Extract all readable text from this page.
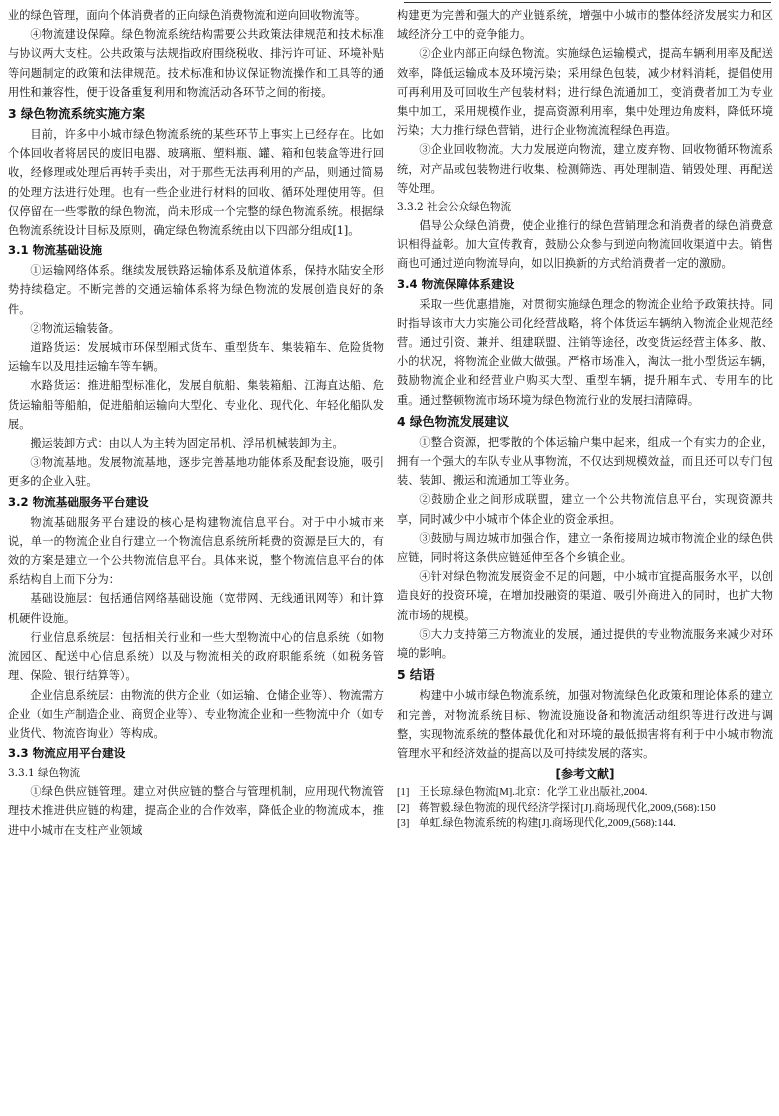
业的绿色管理，面向个体消费者的正向绿色消费物流和逆向回收物流等。

④物流建设保障。绿色物流系统结构需要公共政策法律规范和技术标准与协议两大支柱。公共政策与法规指政府围绕税收、排污许可证、环境补贴等问题制定的政策和法律规范。技术标准和协议保证物流操作和工具等的通用性和兼容性，便于设备重复利用和物流活动各环节之间的衔接。

3 绿色物流系统实施方案

目前，许多中小城市绿色物流系统的某些环节上事实上已经存在。比如个体回收者将居民的废旧电器、玻璃瓶、塑料瓶、罐、箱和包装盒等进行回收，经修理或处理后再转手卖出，对于那些无法再利用的产品，则通过简易的处理方法进行处理。也有一些企业进行材料的回收、循环处理使用等。但仅停留在一些零散的绿色物流，尚未形成一个完整的绿色物流系统。根据绿色物流系统设计目标及原则，确定绿色物流系统由以下四部分组成[1]。

3.1 物流基础设施

①运输网络体系。继续发展铁路运输体系及航道体系，保持水陆安全形势持续稳定。不断完善的交通运输体系将为绿色物流的发展创造良好的条件。

②物流运输装备。

道路货运：发展城市环保型厢式货车、重型货车、集装箱车、危险货物运输车以及甩挂运输车等车辆。

水路货运：推进船型标准化，发展自航船、集装箱船、江海直达船、危货运输船等船舶，促进船舶运输向大型化、专业化、现代化、年轻化船队发展。

搬运装卸方式：由以人为主转为固定吊机、浮吊机械装卸为主。

③物流基地。发展物流基地，逐步完善基地功能体系及配套设施，吸引更多的企业入驻。

3.2 物流基础服务平台建设

物流基础服务平台建设的核心是构建物流信息平台。对于中小城市来说，单一的物流企业自行建立一个物流信息系统所耗费的资源是巨大的，有效的方案是建立一个公共物流信息平台。具体来说，整个物流信息平台的体系结构自上而下分为：

基础设施层：包括通信网络基础设施（宽带网、无线通讯网等）和计算机硬件设施。

行业信息系统层：包括相关行业和一些大型物流中心的信息系统（如物流园区、配送中心信息系统）以及与物流相关的政府职能系统（如税务管理、保险、银行结算等）。

企业信息系统层：由物流的供方企业（如运输、仓储企业等）、物流需方企业（如生产制造企业、商贸企业等）、专业物流企业和一些物流中介（如专业货代、物流咨询业）等构成。

3.3 物流应用平台建设
3.3.1 绿色物流

①绿色供应链管理。建立对供应链的整合与管理机制，应用现代物流管理技术推进供应链的构建，提高企业的合作效率，降低企业的物流成本，推进中小城市在支柱产业领域

构建更为完善和强大的产业链系统，增强中小城市的整体经济发展实力和区域经济分工中的竞争能力。

②企业内部正向绿色物流。实施绿色运输模式，提高车辆利用率及配送效率，降低运输成本及环境污染；采用绿色包装，减少材料消耗，提倡使用可再利用及可回收生产包装材料；进行绿色流通加工，变消费者加工为专业集中加工，采用规模作业，提高资源利用率，集中处理边角废料，降低环境污染；大力推行绿色营销，进行企业物流流程绿色再造。

③企业回收物流。大力发展逆向物流，建立废弃物、回收物循环物流系统，对产品或包装物进行收集、检测筛选、再处理制造、销毁处理、再配送等处理。

3.3.2 社会公众绿色物流

倡导公众绿色消费，使企业推行的绿色营销理念和消费者的绿色消费意识相得益彰。加大宣传教育，鼓励公众参与到逆向物流回收渠道中去。销售商也可通过逆向物流导向，如以旧换新的方式给消费者一定的激励。

3.4 物流保障体系建设

采取一些优惠措施，对贯彻实施绿色理念的物流企业给予政策扶持。同时指导该市大力实施公司化经营战略，将个体货运车辆纳入物流企业规范经营。通过引资、兼并、组建联盟、注销等途径，改变货运经营主体多、散、小的状况，将物流企业做大做强。严格市场准入，淘汰一批小型货运车辆，鼓励物流企业和经营业户购买大型、重型车辆，提升厢车式、专用车的比重。通过整顿物流市场环境为绿色物流行业的发展扫清障碍。

4 绿色物流发展建议

①整合资源，把零散的个体运输户集中起来，组成一个有实力的企业，拥有一个强大的车队专业从事物流，不仅达到规模效益，而且还可以专门包装、装卸、搬运和流通加工等业务。

②鼓励企业之间形成联盟，建立一个公共物流信息平台，实现资源共享，同时减少中小城市个体企业的资金承担。

③鼓励与周边城市加强合作，建立一条衔接周边城市物流企业的绿色供应链，同时将这条供应链延伸至各个乡镇企业。

④针对绿色物流发展资金不足的问题，中小城市宜提高服务水平，以创造良好的投资环境，在增加投融资的渠道、吸引外商进入的同时，也扩大物流市场的规模。

⑤大力支持第三方物流业的发展，通过提供的专业物流服务来减少对环境的影响。

5 结语

构建中小城市绿色物流系统，加强对物流绿色化政策和理论体系的建立和完善，对物流系统目标、物流设施设备和物流活动组织等进行改进与调整，实现物流系统的整体最优化和对环境的最低损害将有利于中小城市物流管理水平和经济效益的提高以及可持续发展的落实。

[参考文献]
[1] 王长琼.绿色物流[M].北京：化学工业出版社,2004.
[2] 蒋智毅.绿色物流的现代经济学探讨[J].商场现代化,2009,(568):150
[3] 单虹.绿色物流系统的构建[J].商场现代化,2009,(568):144.
